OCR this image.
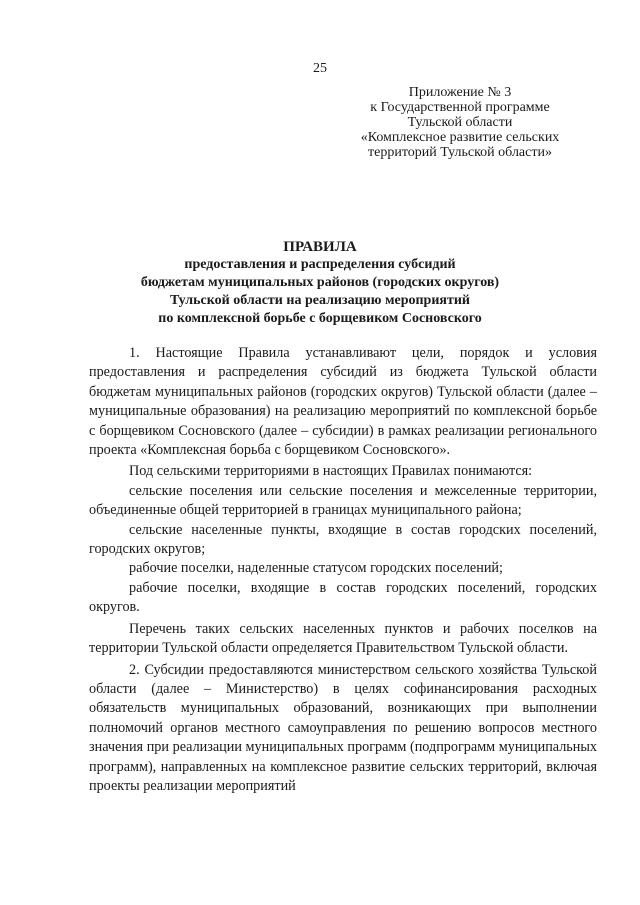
25
Приложение № 3
к Государственной программе
Тульской области
«Комплексное развитие сельских
территорий Тульской области»
ПРАВИЛА
предоставления и распределения субсидий
бюджетам муниципальных районов (городских округов)
Тульской области на реализацию мероприятий
по комплексной борьбе с борщевиком Сосновского

1. Настоящие Правила устанавливают цели, порядок и условия предоставления и распределения субсидий из бюджета Тульской области бюджетам муниципальных районов (городских округов) Тульской области (далее – муниципальные образования) на реализацию мероприятий по комплексной борьбе с борщевиком Сосновского (далее – субсидии) в рамках реализации регионального проекта «Комплексная борьба с борщевиком Сосновского».

Под сельскими территориями в настоящих Правилах понимаются:

сельские поселения или сельские поселения и межселенные территории, объединенные общей территорией в границах муниципального района;

сельские населенные пункты, входящие в состав городских поселений, городских округов;

рабочие поселки, наделенные статусом городских поселений;

рабочие поселки, входящие в состав городских поселений, городских округов.

Перечень таких сельских населенных пунктов и рабочих поселков на территории Тульской области определяется Правительством Тульской области.

2. Субсидии предоставляются министерством сельского хозяйства Тульской области (далее – Министерство) в целях софинансирования расходных обязательств муниципальных образований, возникающих при выполнении полномочий органов местного самоуправления по решению вопросов местного значения при реализации муниципальных программ (подпрограмм муниципальных программ), направленных на комплексное развитие сельских территорий, включая проекты реализации мероприятий
